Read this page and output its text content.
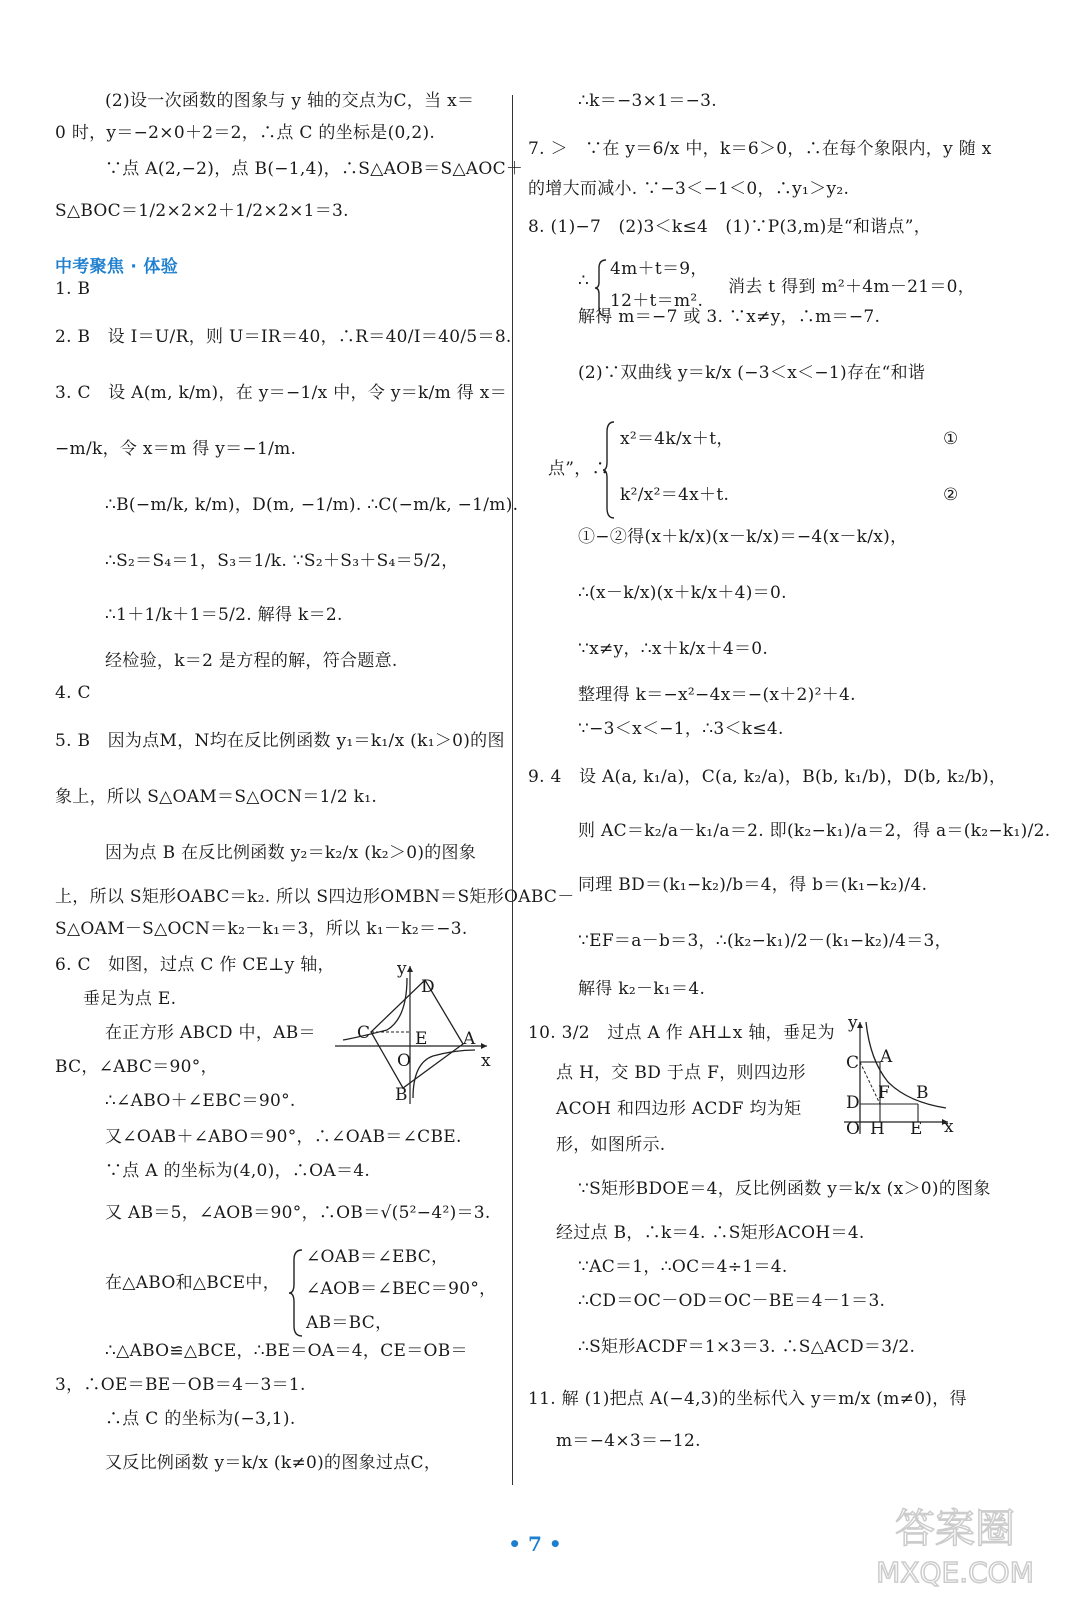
(2)设一次函数的图象与 y 轴的交点为C，当 x＝
0 时，y＝−2×0＋2＝2，∴点 C 的坐标是(0,2).
∵点 A(2,−2)，点 B(−1,4)，∴S△AOB＝S△AOC＋
S△BOC＝1/2×2×2＋1/2×2×1＝3.
1. B
2. B　设 I＝U/R，则 U＝IR＝40，∴R＝40/I＝40/5＝8.
3. C　设 A(m, k/m)，在 y＝−1/x 中，令 y＝k/m 得 x＝
−m/k，令 x＝m 得 y＝−1/m.
∴B(−m/k, k/m)，D(m, −1/m). ∴C(−m/k, −1/m).
∴S₂＝S₄＝1，S₃＝1/k. ∵S₂＋S₃＋S₄＝5/2，
∴1＋1/k＋1＝5/2. 解得 k＝2.
经检验，k＝2 是方程的解，符合题意.
4. C
5. B　因为点M，N均在反比例函数 y₁＝k₁/x (k₁＞0)的图
象上，所以 S△OAM＝S△OCN＝1/2 k₁.
因为点 B 在反比例函数 y₂＝k₂/x (k₂＞0)的图象
上，所以 S矩形OABC＝k₂. 所以 S四边形OMBN＝S矩形OABC－
S△OAM－S△OCN＝k₂－k₁＝3，所以 k₁－k₂＝−3.
6. C　如图，过点 C 作 CE⊥y 轴，
垂足为点 E.
在正方形 ABCD 中，AB＝
BC，∠ABC＝90°，
∴∠ABO＋∠EBC＝90°.
又∠OAB＋∠ABO＝90°，∴∠OAB＝∠CBE.
∵点 A 的坐标为(4,0)，∴OA＝4.
又 AB＝5，∠AOB＝90°，∴OB＝√(5²−4²)＝3.
在△ABO和△BCE中，
∴△ABO≌△BCE，∴BE＝OA＝4，CE＝OB＝
3，∴OE＝BE－OB＝4－3＝1.
∴点 C 的坐标为(−3,1).
又反比例函数 y＝k/x (k≠0)的图象过点C，
∴k＝−3×1＝−3.
7. ＞　∵在 y＝6/x 中，k＝6＞0，∴在每个象限内，y 随 x
的增大而减小. ∵−3＜−1＜0，∴y₁＞y₂.
8. (1)−7　(2)3＜k≤4　(1)∵P(3,m)是“和谐点”，
解得 m＝−7 或 3. ∵x≠y，∴m＝−7.
(2)∵双曲线 y＝k/x (−3＜x＜−1)存在“和谐
①−②得(x＋k/x)(x－k/x)＝−4(x－k/x)，
∴(x－k/x)(x＋k/x＋4)＝0.
∵x≠y，∴x＋k/x＋4＝0.
整理得 k＝−x²−4x＝−(x＋2)²＋4.
∵−3＜x＜−1，∴3＜k≤4.
9. 4　设 A(a, k₁/a)，C(a, k₂/a)，B(b, k₁/b)，D(b, k₂/b)，
则 AC＝k₂/a－k₁/a＝2. 即(k₂−k₁)/a＝2，得 a＝(k₂−k₁)/2.
同理 BD＝(k₁−k₂)/b＝4，得 b＝(k₁−k₂)/4.
∵EF＝a－b＝3，∴(k₂−k₁)/2－(k₁−k₂)/4＝3，
解得 k₂－k₁＝4.
10. 3/2　过点 A 作 AH⊥x 轴，垂足为
点 H，交 BD 于点 F，则四边形
ACOH 和四边形 ACDF 均为矩
形，如图所示.
∵S矩形BDOE＝4，反比例函数 y＝k/x (x＞0)的图象
经过点 B，∴k＝4. ∴S矩形ACOH＝4.
∵AC＝1，∴OC＝4÷1＝4.
∴CD＝OC－OD＝OC－BE＝4－1＝3.
∴S矩形ACDF＝1×3＝3. ∴S△ACD＝3/2.
11. 解 (1)把点 A(−4,3)的坐标代入 y＝m/x (m≠0)，得
m＝−4×3＝−12.
中考聚焦 · 体验
∠OAB＝∠EBC，
∠AOB＝∠BEC＝90°，
AB＝BC，
∴
4m＋t＝9，
12＋t＝m².
消去 t 得到 m²＋4m－21＝0，
点”，∴
x²＝4k/x＋t，
k²/x²＝4x＋t.
①
②
y
x
D
C	E A
O
B
y
x
C A
F B
D
O H E
• 7 •	答案圈
MXQE.COM
